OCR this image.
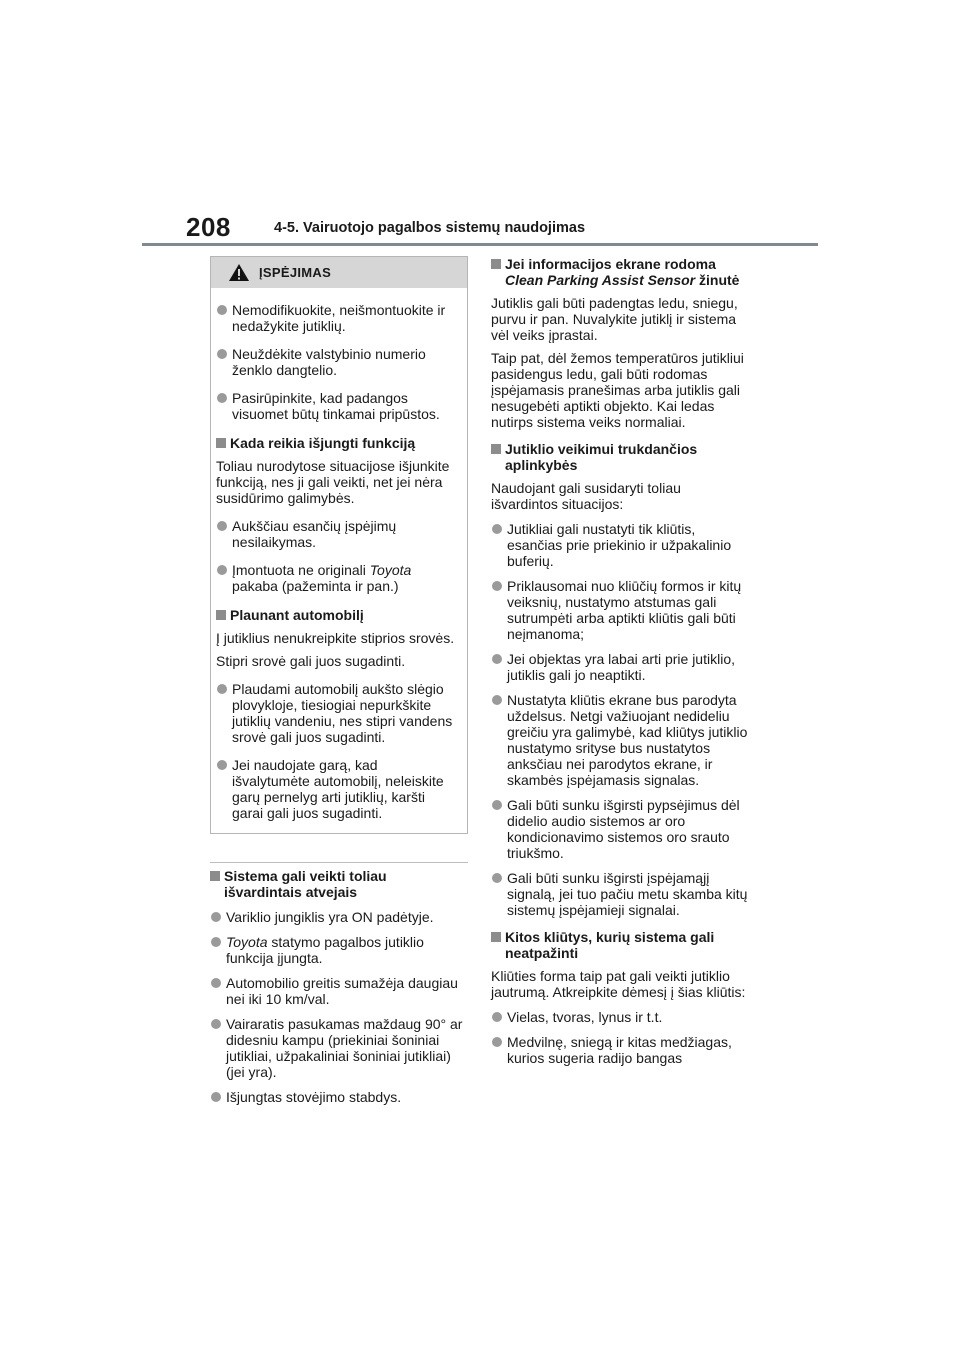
208	4-5. Vairuotojo pagalbos sistemų naudojimas
ĮSPĖJIMAS
Nemodifikuokite, neišmontuokite ir nedažykite jutiklių.
Neuždėkite valstybinio numerio ženklo dangtelio.
Pasirūpinkite, kad padangos visuomet būtų tinkamai pripūstos.
Kada reikia išjungti funkciją
Toliau nurodytose situacijose išjunkite funkciją, nes ji gali veikti, net jei nėra susidūrimo galimybės.
Aukščiau esančių įspėjimų nesilaikymas.
Įmontuota ne originali Toyota pakaba (pažeminta ir pan.)
Plaunant automobilį
Į jutiklius nenukreipkite stiprios srovės.
Stipri srovė gali juos sugadinti.
Plaudami automobilį aukšto slėgio plovykloje, tiesiogiai nepurkškite jutiklių vandeniu, nes stipri vandens srovė gali juos sugadinti.
Jei naudojate garą, kad išvalytumėte automobilį, neleiskite garų pernelyg arti jutiklių, karšti garai gali juos sugadinti.
Sistema gali veikti toliau išvardintais atvejais
Variklio jungiklis yra ON padėtyje.
Toyota statymo pagalbos jutiklio funkcija įjungta.
Automobilio greitis sumažėja daugiau nei iki 10 km/val.
Vairaratis pasukamas maždaug 90° ar didesniu kampu (priekiniai šoniniai jutikliai, užpakaliniai šoniniai jutikliai) (jei yra).
Išjungtas stovėjimo stabdys.
Jei informacijos ekrane rodoma Clean Parking Assist Sensor žinutė
Jutiklis gali būti padengtas ledu, sniegu, purvu ir pan. Nuvalykite jutiklį ir sistema vėl veiks įprastai.
Taip pat, dėl žemos temperatūros jutikliui pasidengus ledu, gali būti rodomas įspėjamasis pranešimas arba jutiklis gali nesugebėti aptikti objekto. Kai ledas nutirps sistema veiks normaliai.
Jutiklio veikimui trukdančios aplinkybės
Naudojant gali susidaryti toliau išvardintos situacijos:
Jutikliai gali nustatyti tik kliūtis, esančias prie priekinio ir užpakalinio buferių.
Priklausomai nuo kliūčių formos ir kitų veiksnių, nustatymo atstumas gali sutrumpėti arba aptikti kliūtis gali būti neįmanoma;
Jei objektas yra labai arti prie jutiklio, jutiklis gali jo neaptikti.
Nustatyta kliūtis ekrane bus parodyta uždelsus. Netgi važiuojant nedideliu greičiu yra galimybė, kad kliūtys jutiklio nustatymo srityse bus nustatytos anksčiau nei parodytos ekrane, ir skambės įspėjamasis signalas.
Gali būti sunku išgirsti pypsėjimus dėl didelio audio sistemos ar oro kondicionavimo sistemos oro srauto triukšmo.
Gali būti sunku išgirsti įspėjamąjį signalą, jei tuo pačiu metu skamba kitų sistemų įspėjamieji signalai.
Kitos kliūtys, kurių sistema gali neatpažinti
Kliūties forma taip pat gali veikti jutiklio jautrumą. Atkreipkite dėmesį į šias kliūtis:
Vielas, tvoras, lynus ir t.t.
Medvilnę, sniegą ir kitas medžiagas, kurios sugeria radijo bangas
